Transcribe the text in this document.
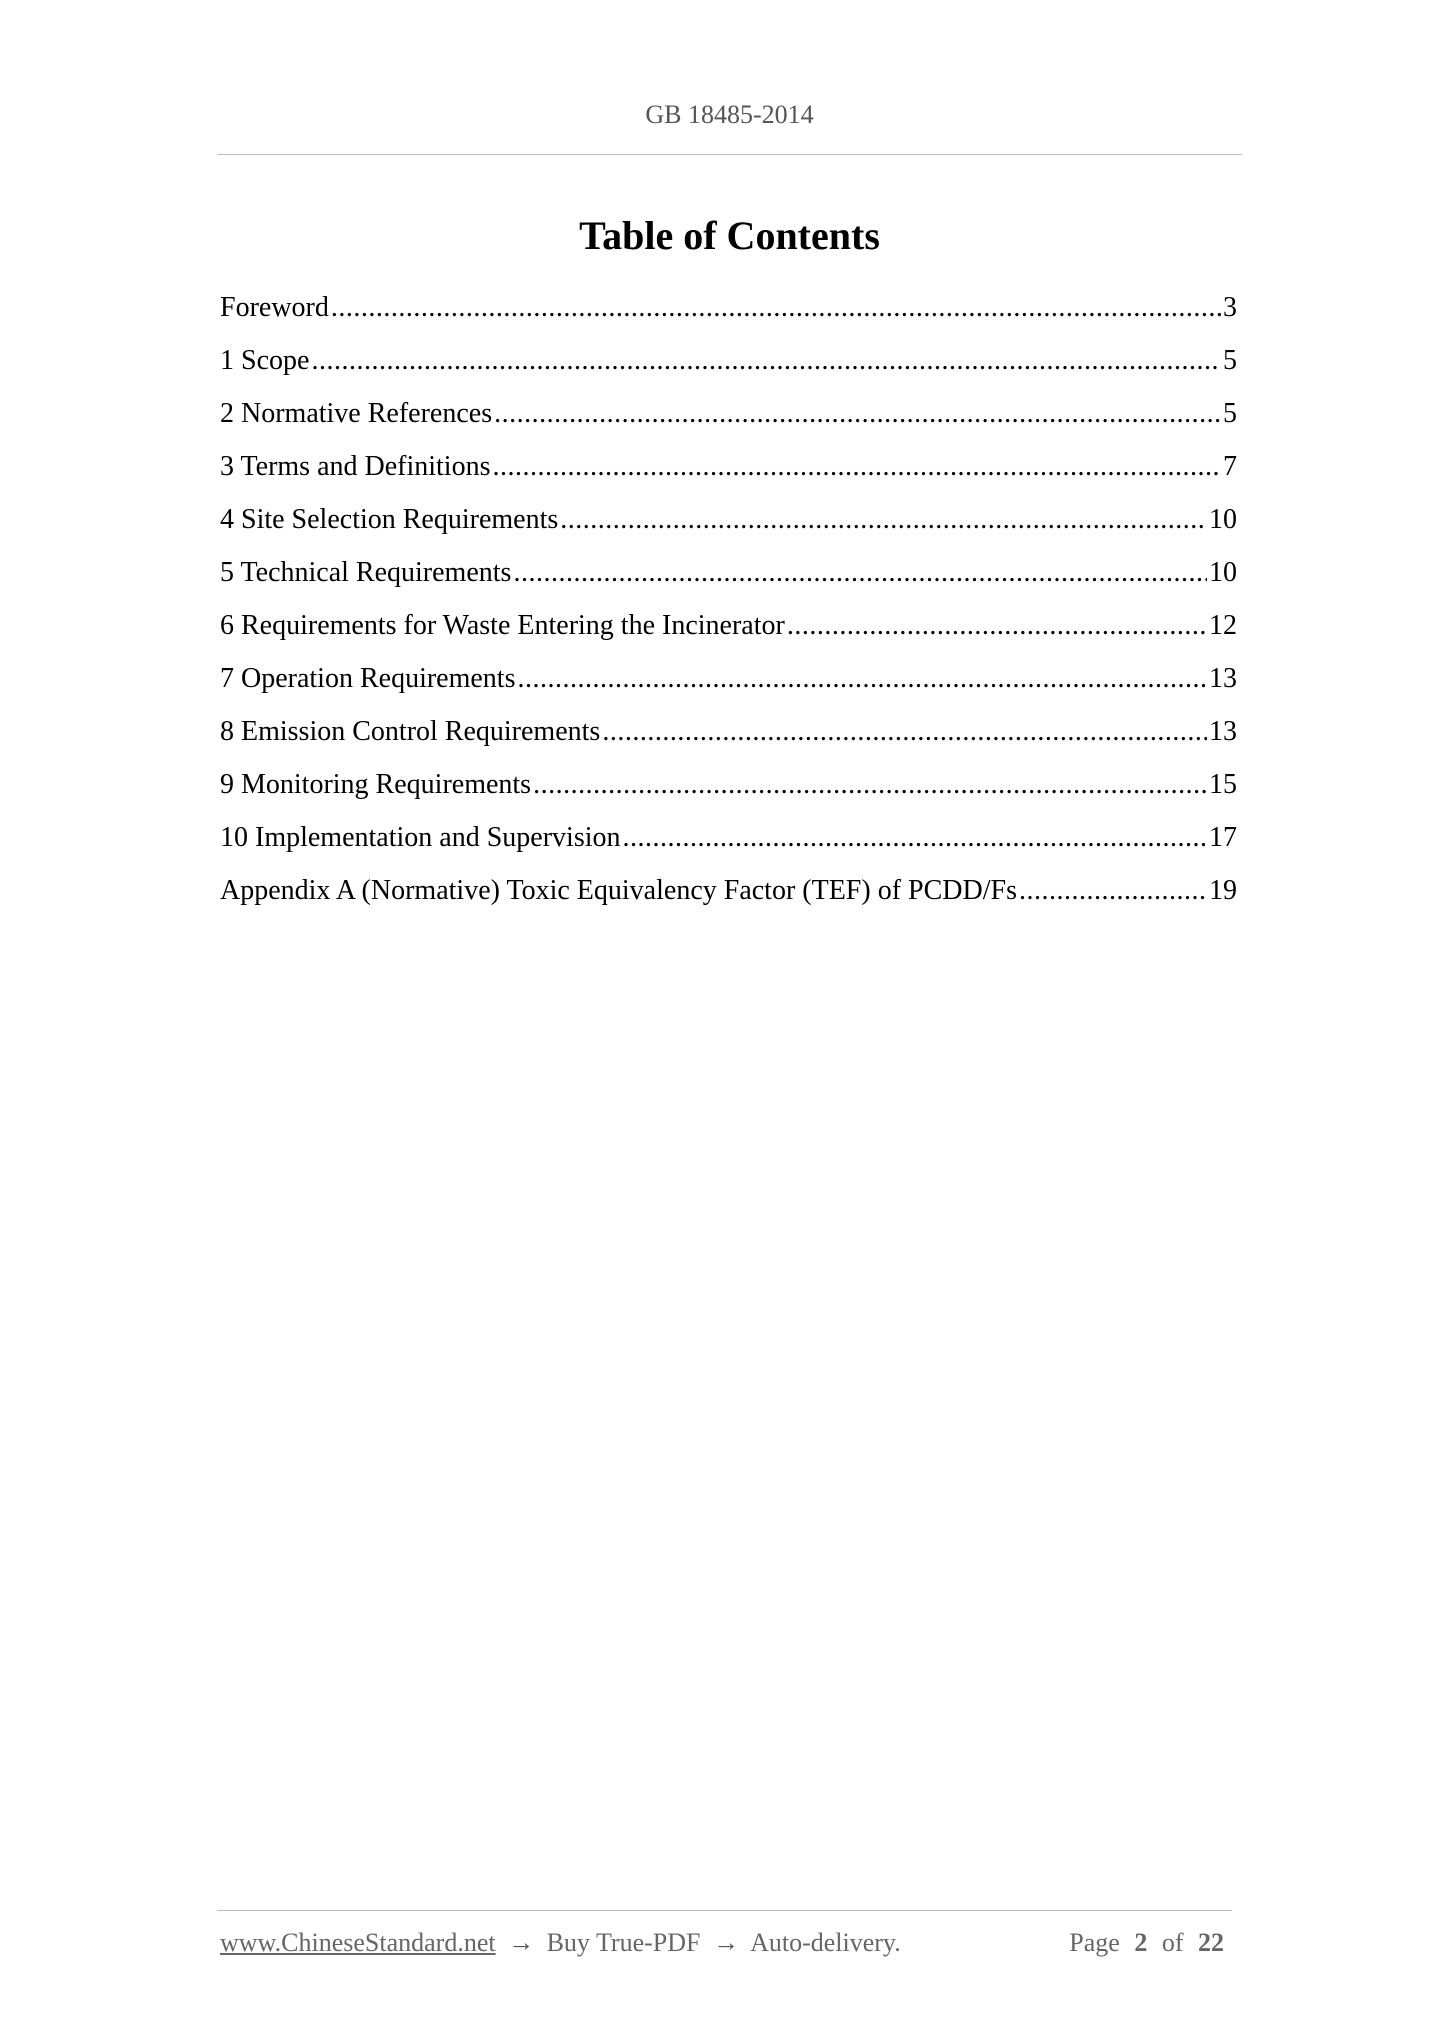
GB 18485-2014
Table of Contents
Foreword .....	3
1 Scope .....	5
2 Normative References .....	5
3 Terms and Definitions .....	7
4 Site Selection Requirements .....	10
5 Technical Requirements .....	10
6 Requirements for Waste Entering the Incinerator .....	12
7 Operation Requirements .....	13
8 Emission Control Requirements .....	13
9 Monitoring Requirements .....	15
10 Implementation and Supervision .....	17
Appendix A (Normative) Toxic Equivalency Factor (TEF) of PCDD/Fs .....	19
www.ChineseStandard.net → Buy True-PDF → Auto-delivery.	Page 2 of 22
